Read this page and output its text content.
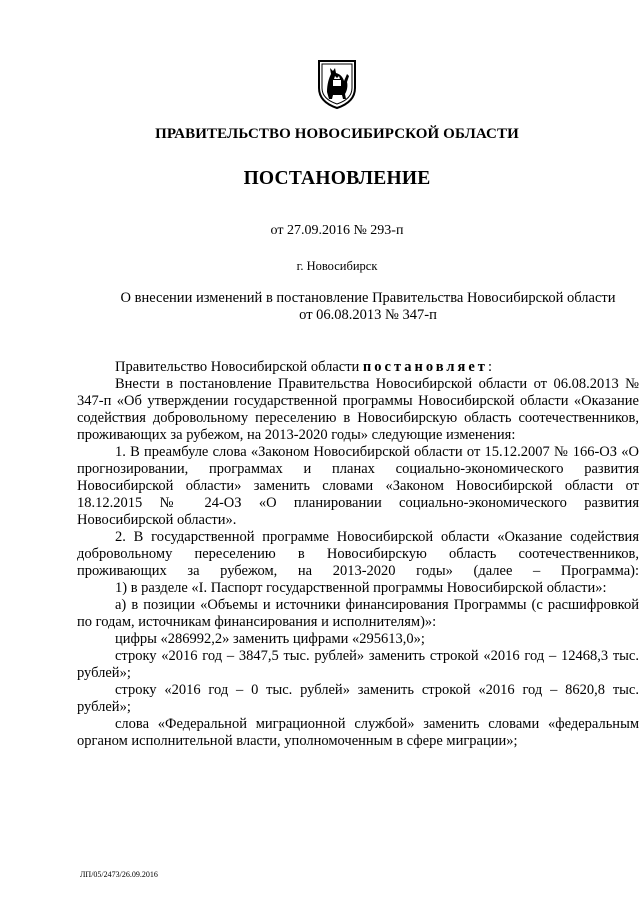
ПРАВИТЕЛЬСТВО НОВОСИБИРСКОЙ ОБЛАСТИ
ПОСТАНОВЛЕНИЕ
от 27.09.2016 № 293-п
г. Новосибирск
О внесении изменений в постановление Правительства Новосибирской области
от 06.08.2013 № 347-п

Правительство Новосибирской области постановляет:

Внести в постановление Правительства Новосибирской области от 06.08.2013 № 347-п «Об утверждении государственной программы Новосибирской области «Оказание содействия добровольному переселению в Новосибирскую область соотечественников, проживающих за рубежом, на 2013-2020 годы» следующие изменения:

1. В преамбуле слова «Законом Новосибирской области от 15.12.2007 № 166-ОЗ «О прогнозировании, программах и планах социально-экономического развития Новосибирской области» заменить словами «Законом Новосибирской области от 18.12.2015 № 24-ОЗ «О планировании социально-экономического развития Новосибирской области».

2. В государственной программе Новосибирской области «Оказание содействия добровольному переселению в Новосибирскую область соотечественников, проживающих за рубежом, на 2013-2020 годы» (далее – Программа):

1) в разделе «I. Паспорт государственной программы Новосибирской области»:

а) в позиции «Объемы и источники финансирования Программы (с расшифровкой по годам, источникам финансирования и исполнителям)»:

цифры «286992,2» заменить цифрами «295613,0»;

строку «2016 год – 3847,5 тыс. рублей» заменить строкой «2016 год – 12468,3 тыс. рублей»;

строку «2016 год – 0 тыс. рублей» заменить строкой «2016 год – 8620,8 тыс. рублей»;

слова «Федеральной миграционной службой» заменить словами «федеральным органом исполнительной власти, уполномоченным в сфере миграции»;

ЛП/05/2473/26.09.2016
